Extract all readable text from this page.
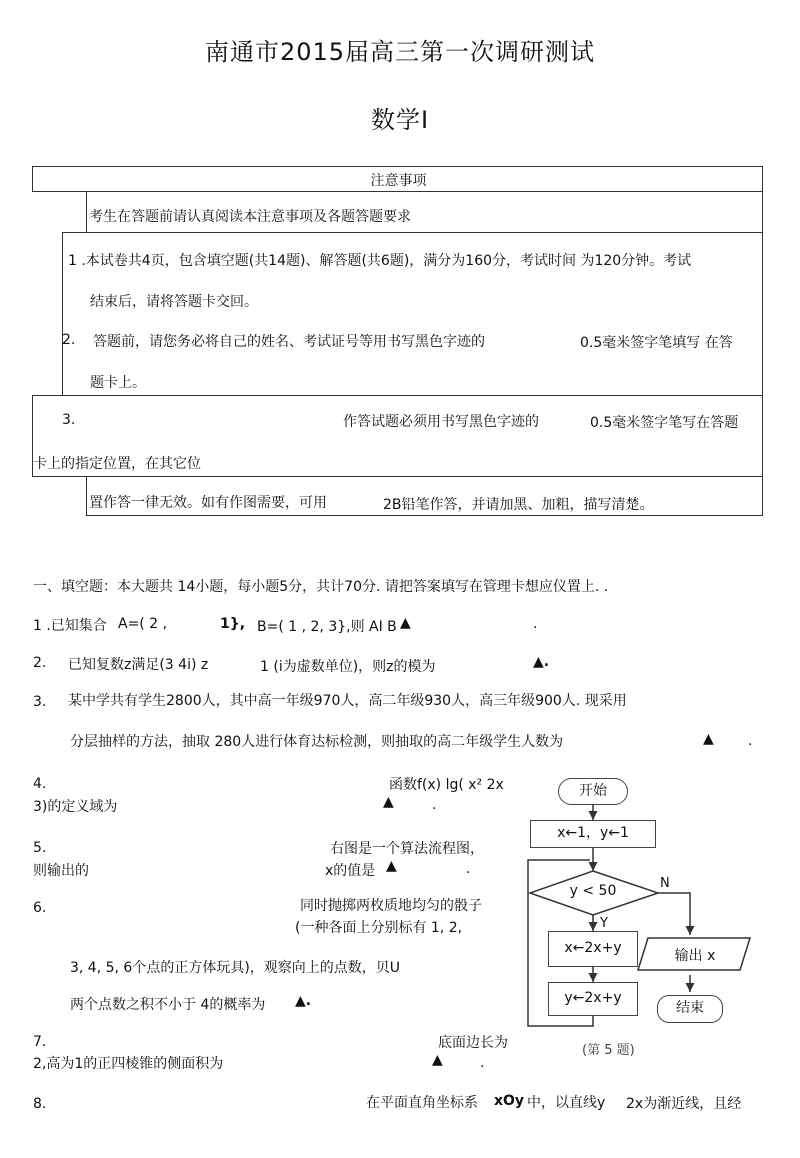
南通市2015届高三第一次调研测试
数学I
注意事项
考生在答题前请认真阅读本注意事项及各题答题要求
1 .本试卷共4页，包含填空题(共14题)、解答题(共6题)，满分为160分，考试时间 为120分钟。考试
结束后，请将答题卡交回。
2. 答题前，请您务必将自己的姓名、考试证号等用书写黑色字迹的	0.5毫米签字笔填写 在答
题卡上。
3.	作答试题必须用书写黑色字迹的	0.5毫米签字笔写在答题
卡上的指定位置，在其它位
置作答一律无效。如有作图需要，可用	2B铅笔作答，并请加黑、加粗，描写清楚。
一、填空题：本大题共 14小题，每小题5分，共计70分. 请把答案填写在管理卡想应仪置上. .
1 .已知集合 A=( 2 ,	1}, B=( 1 , 2, 3},则 AI B ▲	.
2. 已知复数z满足(3 4i) z	1 (i为虚数单位)，则z的模为	▲.
3. 某中学共有学生2800人，其中高一年级970人，高二年级930人，高三年级900人. 现采用
分层抽样的方法，抽取 280人进行体育达标检测，则抽取的高二年级学生人数为	▲ .
4.	函数f(x) lg( x² 2x
3)的定义域为	▲	.
5.	右图是一个算法流程图，
则输出的	x的值是 ▲	.
6.	同时抛掷两枚质地均匀的骰子
(一种各面上分别标有 1, 2,
3, 4, 5, 6个点的正方体玩具)，观察向上的点数，贝U
两个点数之积不小于 4的概率为 ▲.
7.	底面边长为
2,高为1的正四棱锥的侧面积为	▲	.
8.	在平面直角坐标系 xOy 中，以直线y 2x为渐近线，且经
开始
x←1，y←1
y < 50
Y
N
x←2x+y
y←2x+y
输出 x
结束
(第 5 题)
